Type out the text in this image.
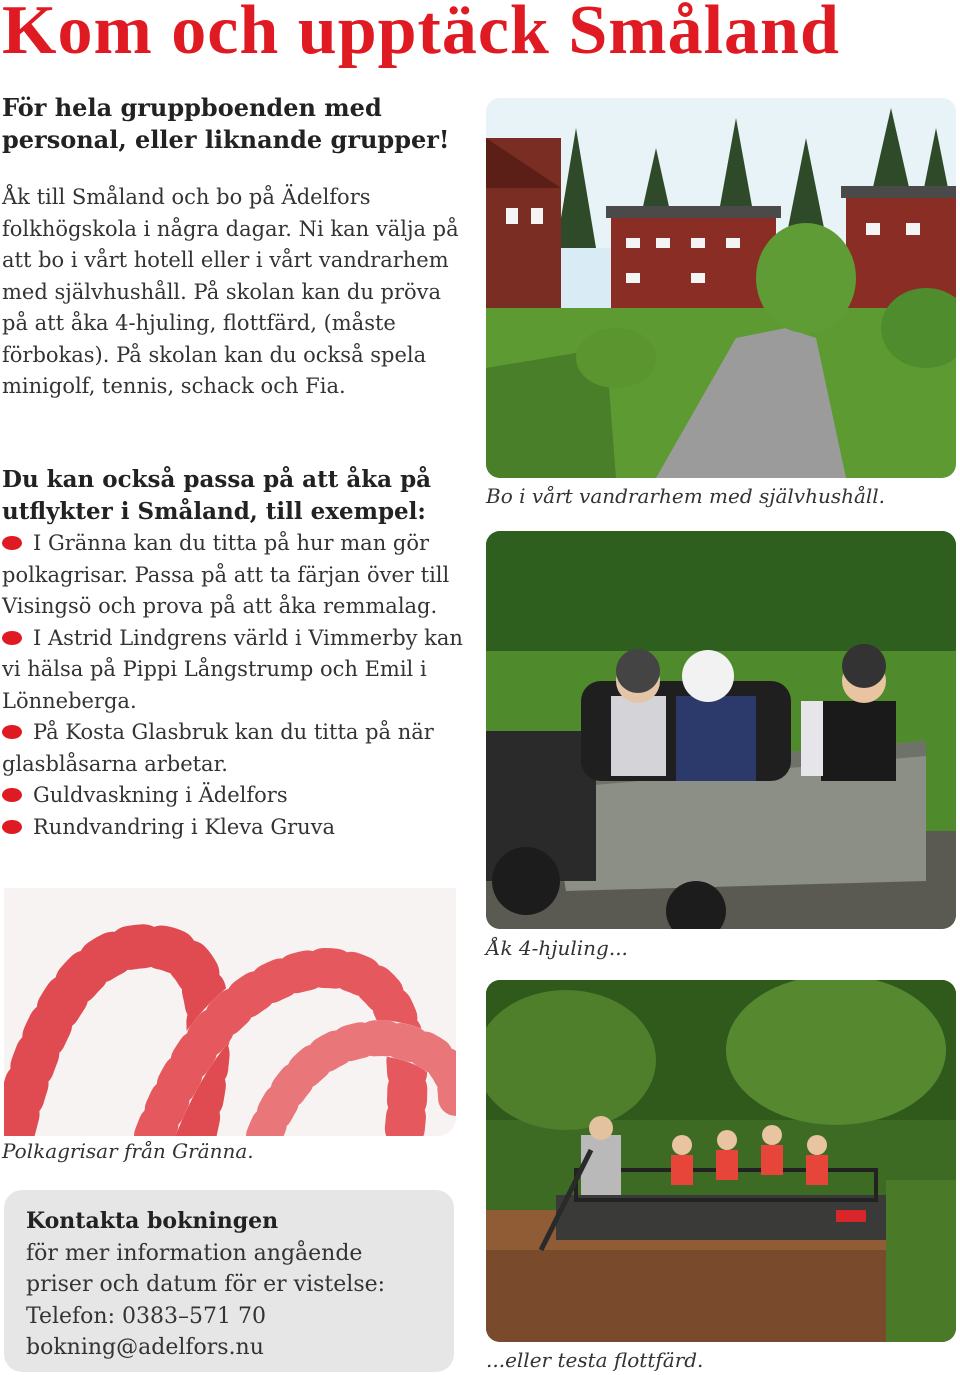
Kom och upptäck Småland

För hela gruppboenden med personal, eller liknande grupper!

Åk till Småland och bo på Ädelfors folkhögskola i några dagar. Ni kan välja på att bo i vårt hotell eller i vårt vandrarhem med självhushåll. På skolan kan du pröva på att åka 4-hjuling, flottfärd, (måste förbokas). På skolan kan du också spela minigolf, tennis, schack och Fia.

Du kan också passa på att åka på utflykter i Småland, till exempel:

I Gränna kan du titta på hur man gör polkagrisar. Passa på att ta färjan över till Visingsö och prova på att åka remmalag.
I Astrid Lindgrens värld i Vimmerby kan vi hälsa på Pippi Långstrump och Emil i Lönneberga.
På Kosta Glasbruk kan du titta på när glasblåsarna arbetar.
Guldvaskning i Ädelfors
Rundvandring i Kleva Gruva

Bo i vårt vandrarhem med självhushåll.

Åk 4-hjuling...

Polkagrisar från Gränna.

...eller testa flottfärd.

Kontakta bokningen

för mer information angående

priser och datum för er vistelse:

Telefon: 0383–571 70

bokning@adelfors.nu
